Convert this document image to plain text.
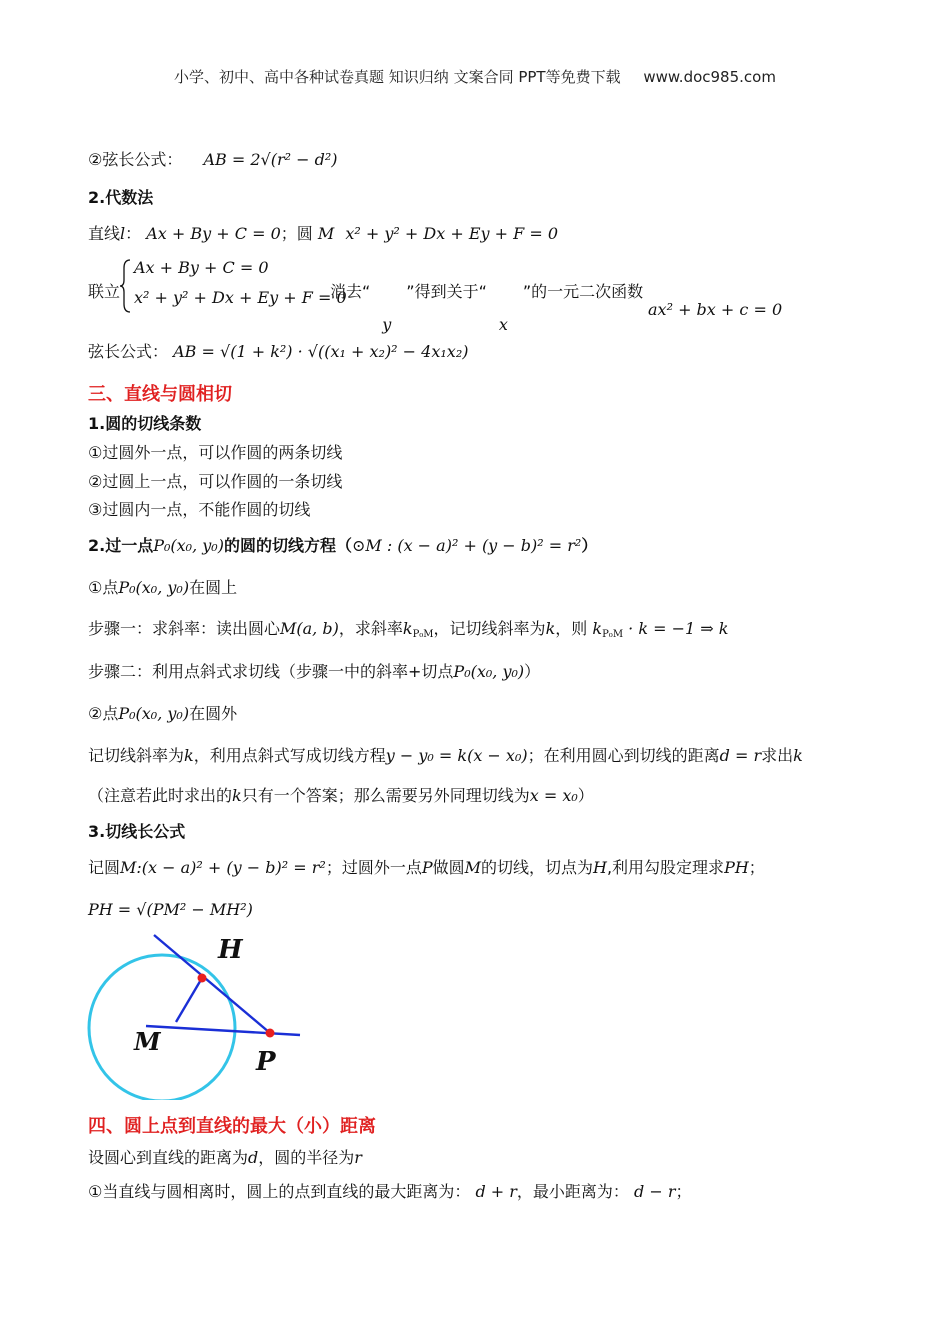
小学、初中、高中各种试卷真题 知识归纳 文案合同 PPT等免费下载 www.doc985.com
②弦长公式： AB = 2√(r² − d²)
2.代数法
直线l： Ax + By + C = 0；圆 M x² + y² + Dx + Ey + F = 0
联立
Ax + By + C = 0
x² + y² + Dx + Ey + F = 0
消去“
y
”得到关于“
x
”的一元二次函数
ax² + bx + c = 0
弦长公式： AB = √(1 + k²) · √((x₁ + x₂)² − 4x₁x₂)
三、直线与圆相切
1.圆的切线条数
①过圆外一点，可以作圆的两条切线
②过圆上一点，可以作圆的一条切线
③过圆内一点，不能作圆的切线
2.过一点P₀(x₀, y₀)的圆的切线方程（⊙M : (x − a)² + (y − b)² = r²）
①点P₀(x₀, y₀)在圆上
步骤一：求斜率：读出圆心M(a, b)，求斜率$k_{P_0M}$，记切线斜率为k，则 $k_{P_0M} \cdot k = -1$ ⇒ k
步骤二：利用点斜式求切线（步骤一中的斜率+切点P₀(x₀, y₀)）
②点P₀(x₀, y₀)在圆外
记切线斜率为k，利用点斜式写成切线方程y − y₀ = k(x − x₀)；在利用圆心到切线的距离d = r求出k
（注意若此时求出的k只有一个答案；那么需要另外同理切线为x = x₀）
3.切线长公式
记圆M:(x − a)² + (y − b)² = r²；过圆外一点P做圆M的切线，切点为H,利用勾股定理求PH；
PH = √(PM² − MH²)
H
M
P
四、圆上点到直线的最大（小）距离
设圆心到直线的距离为d，圆的半径为r
①当直线与圆相离时，圆上的点到直线的最大距离为： d + r，最小距离为： d − r；
